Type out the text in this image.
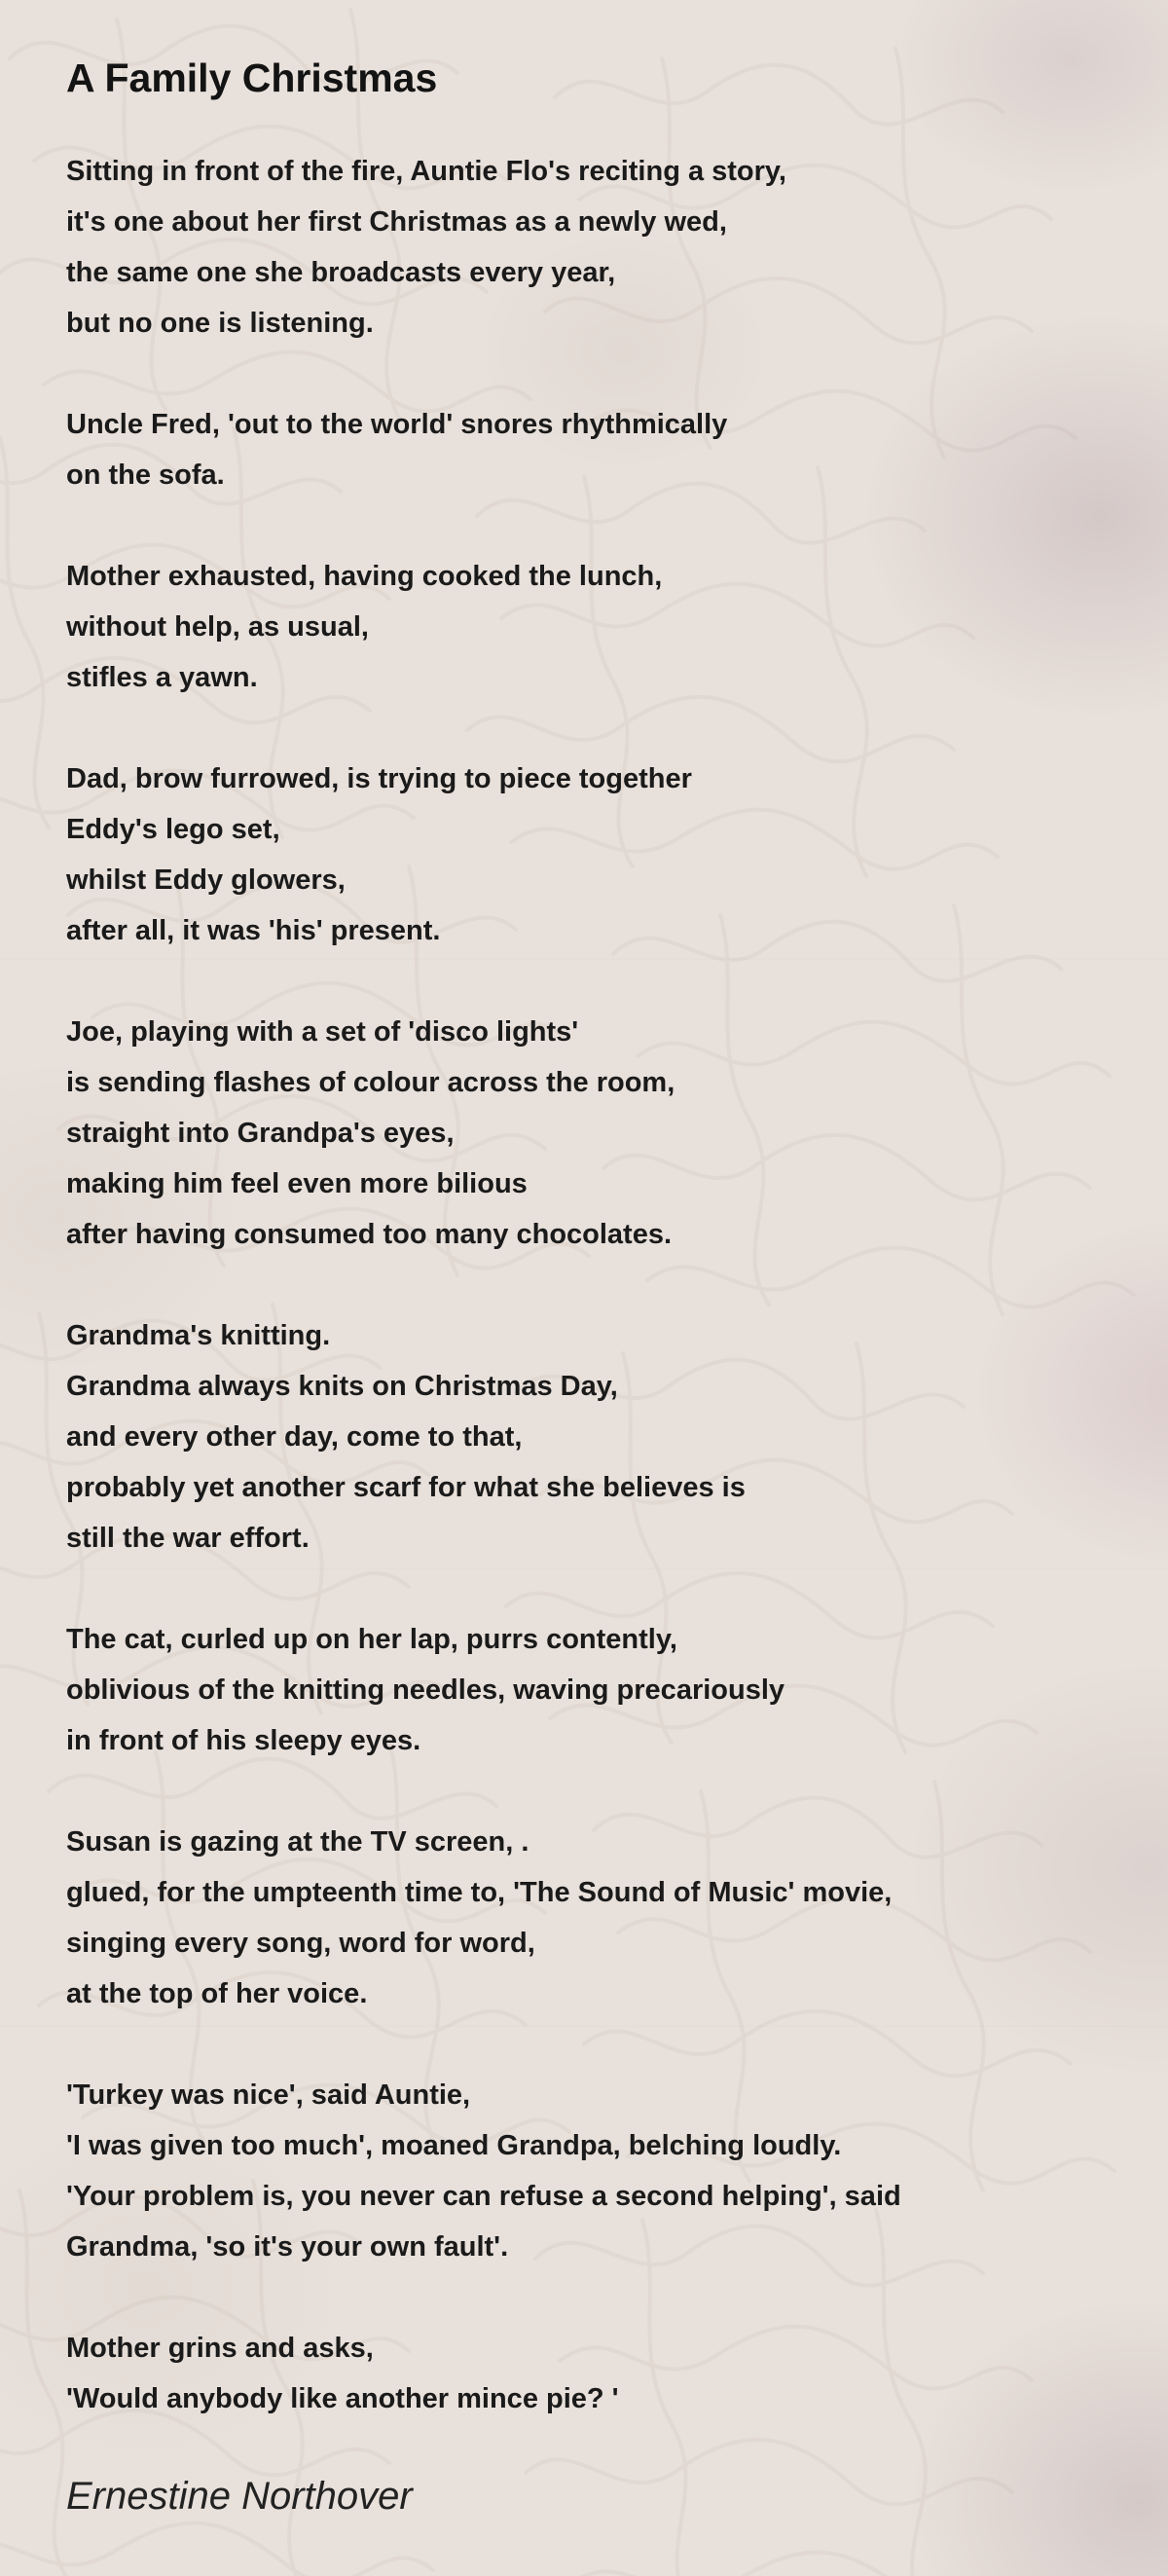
A Family Christmas

Sitting in front of the fire, Auntie Flo's reciting a story,
it's one about her first Christmas as a newly wed,
the same one she broadcasts every year,
but no one is listening.

Uncle Fred, 'out to the world' snores rhythmically
on the sofa.

Mother exhausted, having cooked the lunch,
without help, as usual,
stifles a yawn.

Dad, brow furrowed, is trying to piece together
Eddy's lego set,
whilst Eddy glowers,
after all, it was 'his' present.

Joe, playing with a set of 'disco lights'
is sending flashes of colour across the room,
straight into Grandpa's eyes,
making him feel even more bilious
after having consumed too many chocolates.

Grandma's knitting.
Grandma always knits on Christmas Day,
and every other day, come to that,
probably yet another scarf for what she believes is
still the war effort.

The cat, curled up on her lap, purrs contently,
oblivious of the knitting needles, waving precariously
in front of his sleepy eyes.

Susan is gazing at the TV screen, .
glued, for the umpteenth time to, 'The Sound of Music' movie,
singing every song, word for word,
at the top of her voice.

'Turkey was nice', said Auntie,
'I was given too much', moaned Grandpa, belching loudly.
'Your problem is, you never can refuse a second helping', said
Grandma, 'so it's your own fault'.

Mother grins and asks,
'Would anybody like another mince pie? '

Ernestine Northover
